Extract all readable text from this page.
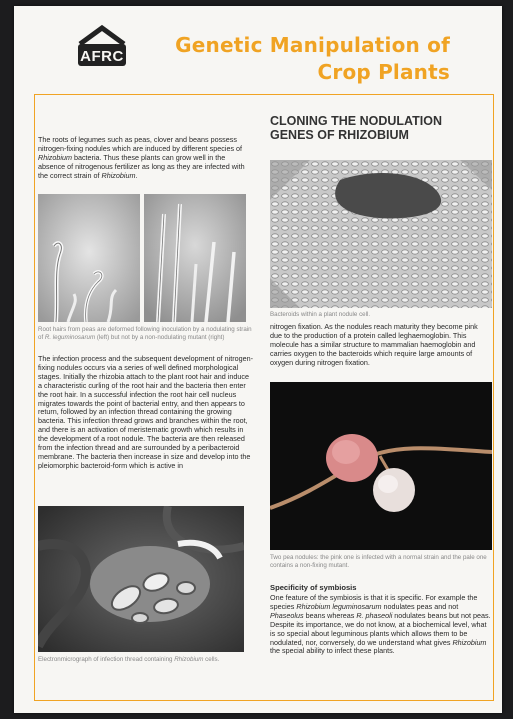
AFRC	Genetic Manipulation of
Crop Plants
The roots of legumes such as peas, clover and beans possess nitrogen-fixing nodules which are induced by different species of Rhizobium bacteria. Thus these plants can grow well in the absence of nitrogenous fertilizer as long as they are infected with the correct strain of Rhizobium.
Root hairs from peas are deformed following inoculation by a nodulating strain of R. leguminosarum (left) but not by a non-nodulating mutant (right)
The infection process and the subsequent development of nitrogen-fixing nodules occurs via a series of well defined morphological stages. Initially the rhizobia attach to the plant root hair and induce a characteristic curling of the root hair and the bacteria then enter the root hair. In a successful infection the root hair cell nucleus migrates towards the point of bacterial entry, and then appears to return, followed by an infection thread containing the growing bacteria. This infection thread grows and branches within the root, and there is an activation of meristematic growth which results in the development of a root nodule. The bacteria are then released from the infection thread and are surrounded by a peribacteroid membrane. The bacteria then increase in size and develop into the pleiomorphic bacteroid-form which is active in
Electronmicrograph of infection thread containing Rhizobium cells.
CLONING THE NODULATION
GENES OF RHIZOBIUM
Bacteroids within a plant nodule cell.
nitrogen fixation. As the nodules reach maturity they become pink due to the production of a protein called leghaemoglobin. This molecule has a similar structure to mammalian haemoglobin and carries oxygen to the bacteroids which require large amounts of oxygen during nitrogen fixation.
Two pea nodules: the pink one is infected with a normal strain and the pale one contains a non-fixing mutant.
Specificity of symbiosis
One feature of the symbiosis is that it is specific. For example the species Rhizobium leguminosarum nodulates peas and not Phaseolus beans whereas R. phaseoli nodulates beans but not peas. Despite its importance, we do not know, at a biochemical level, what is so special about leguminous plants which allows them to be nodulated, nor, conversely, do we understand what gives Rhizobium the special ability to infect these plants.
